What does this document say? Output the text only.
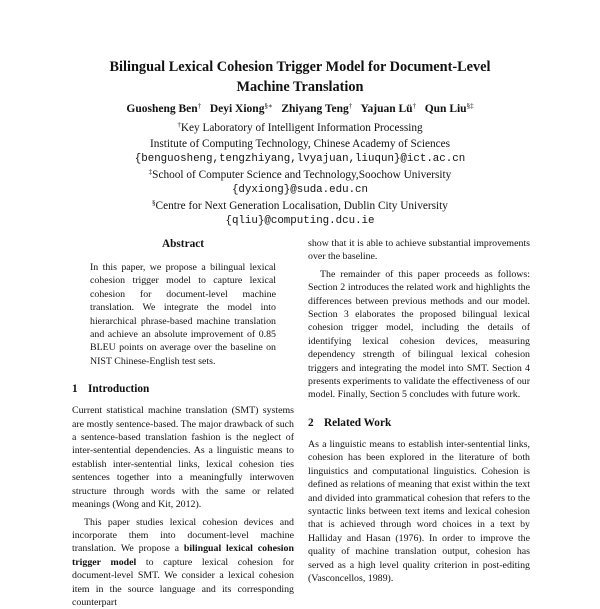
Bilingual Lexical Cohesion Trigger Model for Document-Level
Machine Translation
Guosheng Ben† Deyi Xiong§∗ Zhiyang Teng† Yajuan Lü† Qun Liu§‡
†Key Laboratory of Intelligent Information Processing
Institute of Computing Technology, Chinese Academy of Sciences
{benguosheng,tengzhiyang,lvyajuan,liuqun}@ict.ac.cn
‡School of Computer Science and Technology,Soochow University
{dyxiong}@suda.edu.cn
§Centre for Next Generation Localisation, Dublin City University
{qliu}@computing.dcu.ie
Abstract
In this paper, we propose a bilingual lexical cohesion trigger model to capture lexical cohesion for document-level machine translation. We integrate the model into hierarchical phrase-based machine translation and achieve an absolute improvement of 0.85 BLEU points on average over the baseline on NIST Chinese-English test sets.
1 Introduction

Current statistical machine translation (SMT) systems are mostly sentence-based. The major drawback of such a sentence-based translation fashion is the neglect of inter-sentential dependencies. As a linguistic means to establish inter-sentential links, lexical cohesion ties sentences together into a meaningfully interwoven structure through words with the same or related meanings (Wong and Kit, 2012).

This paper studies lexical cohesion devices and incorporate them into document-level machine translation. We propose a bilingual lexical cohesion trigger model to capture lexical cohesion for document-level SMT. We consider a lexical cohesion item in the source language and its corresponding counterpart

show that it is able to achieve substantial improvements over the baseline.

The remainder of this paper proceeds as follows: Section 2 introduces the related work and highlights the differences between previous methods and our model. Section 3 elaborates the proposed bilingual lexical cohesion trigger model, including the details of identifying lexical cohesion devices, measuring dependency strength of bilingual lexical cohesion triggers and integrating the model into SMT. Section 4 presents experiments to validate the effectiveness of our model. Finally, Section 5 concludes with future work.

2 Related Work

As a linguistic means to establish inter-sentential links, cohesion has been explored in the literature of both linguistics and computational linguistics. Cohesion is defined as relations of meaning that exist within the text and divided into grammatical cohesion that refers to the syntactic links between text items and lexical cohesion that is achieved through word choices in a text by Halliday and Hasan (1976). In order to improve the quality of machine translation output, cohesion has served as a high level quality criterion in post-editing (Vasconcellos, 1989).
